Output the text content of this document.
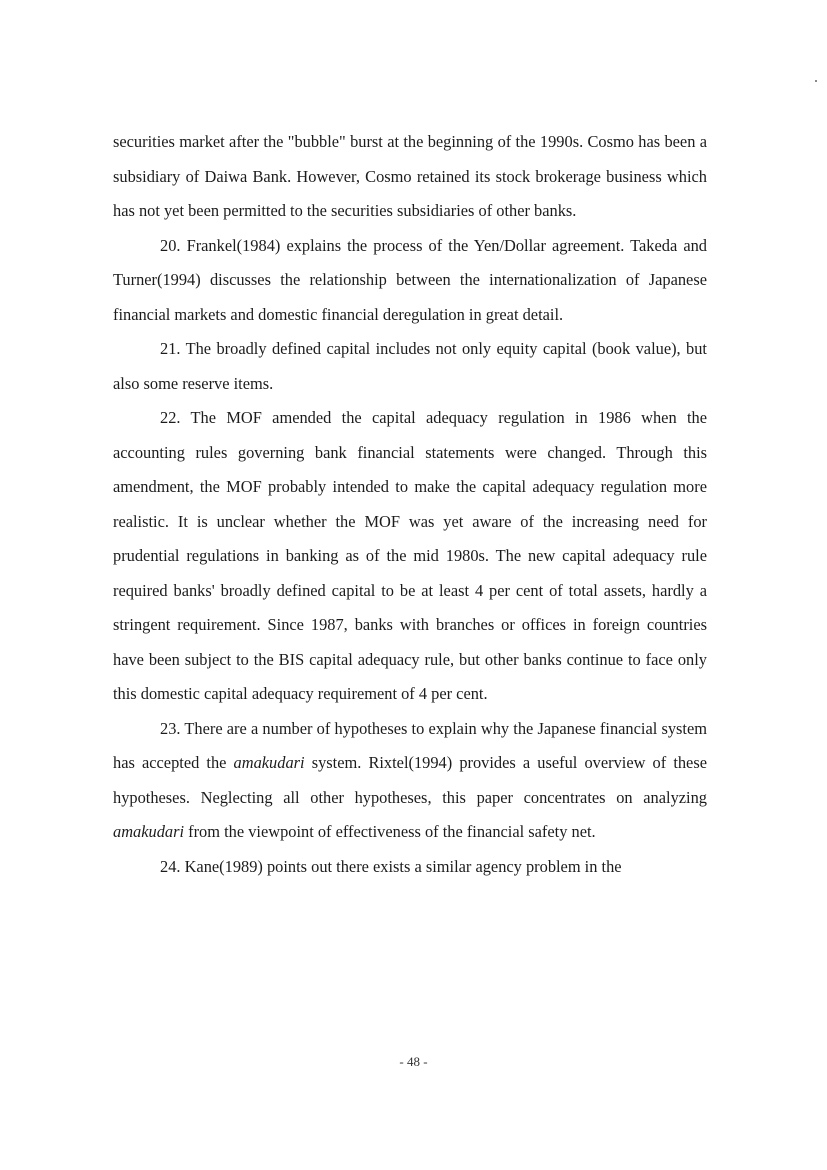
securities market after the "bubble" burst at the beginning of the 1990s. Cosmo has been a subsidiary of Daiwa Bank. However, Cosmo retained its stock brokerage business which has not yet been permitted to the securities subsidiaries of other banks.

20. Frankel(1984) explains the process of the Yen/Dollar agreement. Takeda and Turner(1994) discusses the relationship between the internationalization of Japanese financial markets and domestic financial deregulation in great detail.

21. The broadly defined capital includes not only equity capital (book value), but also some reserve items.

22. The MOF amended the capital adequacy regulation in 1986 when the accounting rules governing bank financial statements were changed. Through this amendment, the MOF probably intended to make the capital adequacy regulation more realistic. It is unclear whether the MOF was yet aware of the increasing need for prudential regulations in banking as of the mid 1980s. The new capital adequacy rule required banks' broadly defined capital to be at least 4 per cent of total assets, hardly a stringent requirement. Since 1987, banks with branches or offices in foreign countries have been subject to the BIS capital adequacy rule, but other banks continue to face only this domestic capital adequacy requirement of 4 per cent.

23. There are a number of hypotheses to explain why the Japanese financial system has accepted the amakudari system. Rixtel(1994) provides a useful overview of these hypotheses. Neglecting all other hypotheses, this paper concentrates on analyzing amakudari from the viewpoint of effectiveness of the financial safety net.

24. Kane(1989) points out there exists a similar agency problem in the

- 48 -
